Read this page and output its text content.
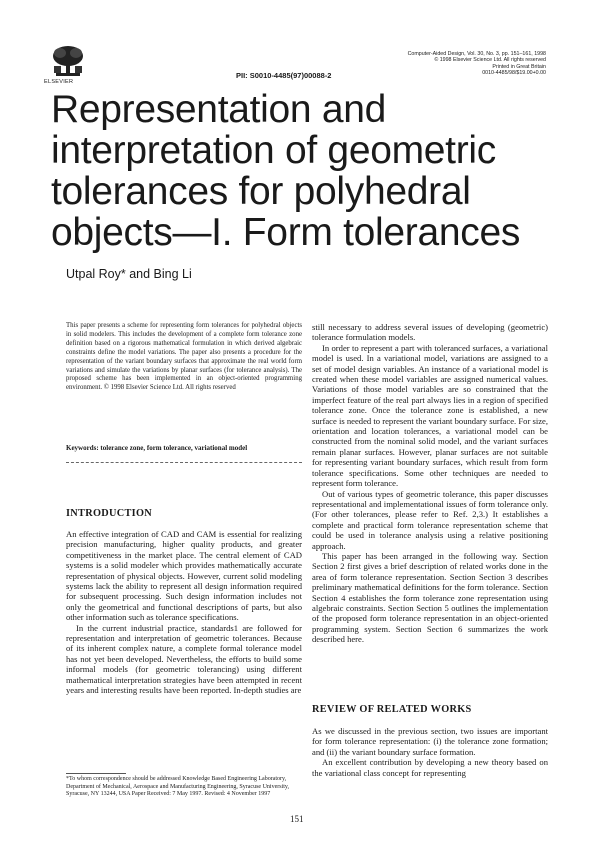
ELSEVIER
PII: S0010-4485(97)00088-2
Computer-Aided Design, Vol. 30, No. 3, pp. 151–161, 1998
© 1998 Elsevier Science Ltd. All rights reserved
Printed in Great Britain
0010-4485/98/$19.00+0.00
Representation and interpretation of geometric tolerances for polyhedral objects—I. Form tolerances
Utpal Roy* and Bing Li
This paper presents a scheme for representing form tolerances for polyhedral objects in solid modelers. This includes the development of a complete form tolerance zone definition based on a rigorous mathematical formulation in which derived algebraic constraints define the model variations. The paper also presents a procedure for the representation of the variant boundary surfaces that approximate the real world form variations and simulate the variations by planar surfaces (for tolerance analysis). The proposed scheme has been implemented in an object-oriented programming environment. © 1998 Elsevier Science Ltd. All rights reserved
Keywords: tolerance zone, form tolerance, variational model
INTRODUCTION

An effective integration of CAD and CAM is essential for realizing precision manufacturing, higher quality products, and greater competitiveness in the market place. The central element of CAD systems is a solid modeler which provides mathematically accurate representation of physical objects. However, current solid modeling systems lack the ability to represent all design information required for subsequent processing. Such design information includes not only the geometrical and functional descriptions of parts, but also other information such as tolerance specifications.

In the current industrial practice, standards1 are followed for representation and interpretation of geometric tolerances. Because of its inherent complex nature, a complete formal tolerance model has not yet been developed. Nevertheless, the efforts to build some informal models (for geometric tolerancing) using different mathematical interpretation strategies have been attempted in recent years and interesting results have been reported. In-depth studies are

*To whom correspondence should be addressed Knowledge Based Engineering Laboratory, Department of Mechanical, Aerospace and Manufacturing Engineering, Syracuse University, Syracuse, NY 13244, USA Paper Received: 7 May 1997. Revised: 4 November 1997

still necessary to address several issues of developing (geometric) tolerance formulation models.

In order to represent a part with toleranced surfaces, a variational model is used. In a variational model, variations are assigned to a set of model design variables. An instance of a variational model is created when these model variables are assigned numerical values. Variations of those model variables are so constrained that the imperfect feature of the real part always lies in a region of specified tolerance zone. Once the tolerance zone is established, a new surface is needed to represent the variant boundary surface. For size, orientation and location tolerances, a variational model can be constructed from the nominal solid model, and the variant surfaces remain planar surfaces. However, planar surfaces are not suitable for representing variant boundary surfaces, which result from form tolerance specifications. Some other techniques are needed to represent form tolerance.

Out of various types of geometric tolerance, this paper discusses representational and implementational issues of form tolerance only. (For other tolerances, please refer to Ref. 2,3.) It establishes a complete and practical form tolerance representation scheme that could be used in tolerance analysis using a relative positioning approach.

This paper has been arranged in the following way. Section Section 2 first gives a brief description of related works done in the area of form tolerance representation. Section Section 3 describes preliminary mathematical definitions for the form tolerance. Section Section 4 establishes the form tolerance zone representation using algebraic constraints. Section Section 5 outlines the implementation of the proposed form tolerance representation in an object-oriented programming system. Section Section 6 summarizes the work described here.

REVIEW OF RELATED WORKS

As we discussed in the previous section, two issues are important for form tolerance representation: (i) the tolerance zone formation; and (ii) the variant boundary surface formation.

An excellent contribution by developing a new theory based on the variational class concept for representing

151
